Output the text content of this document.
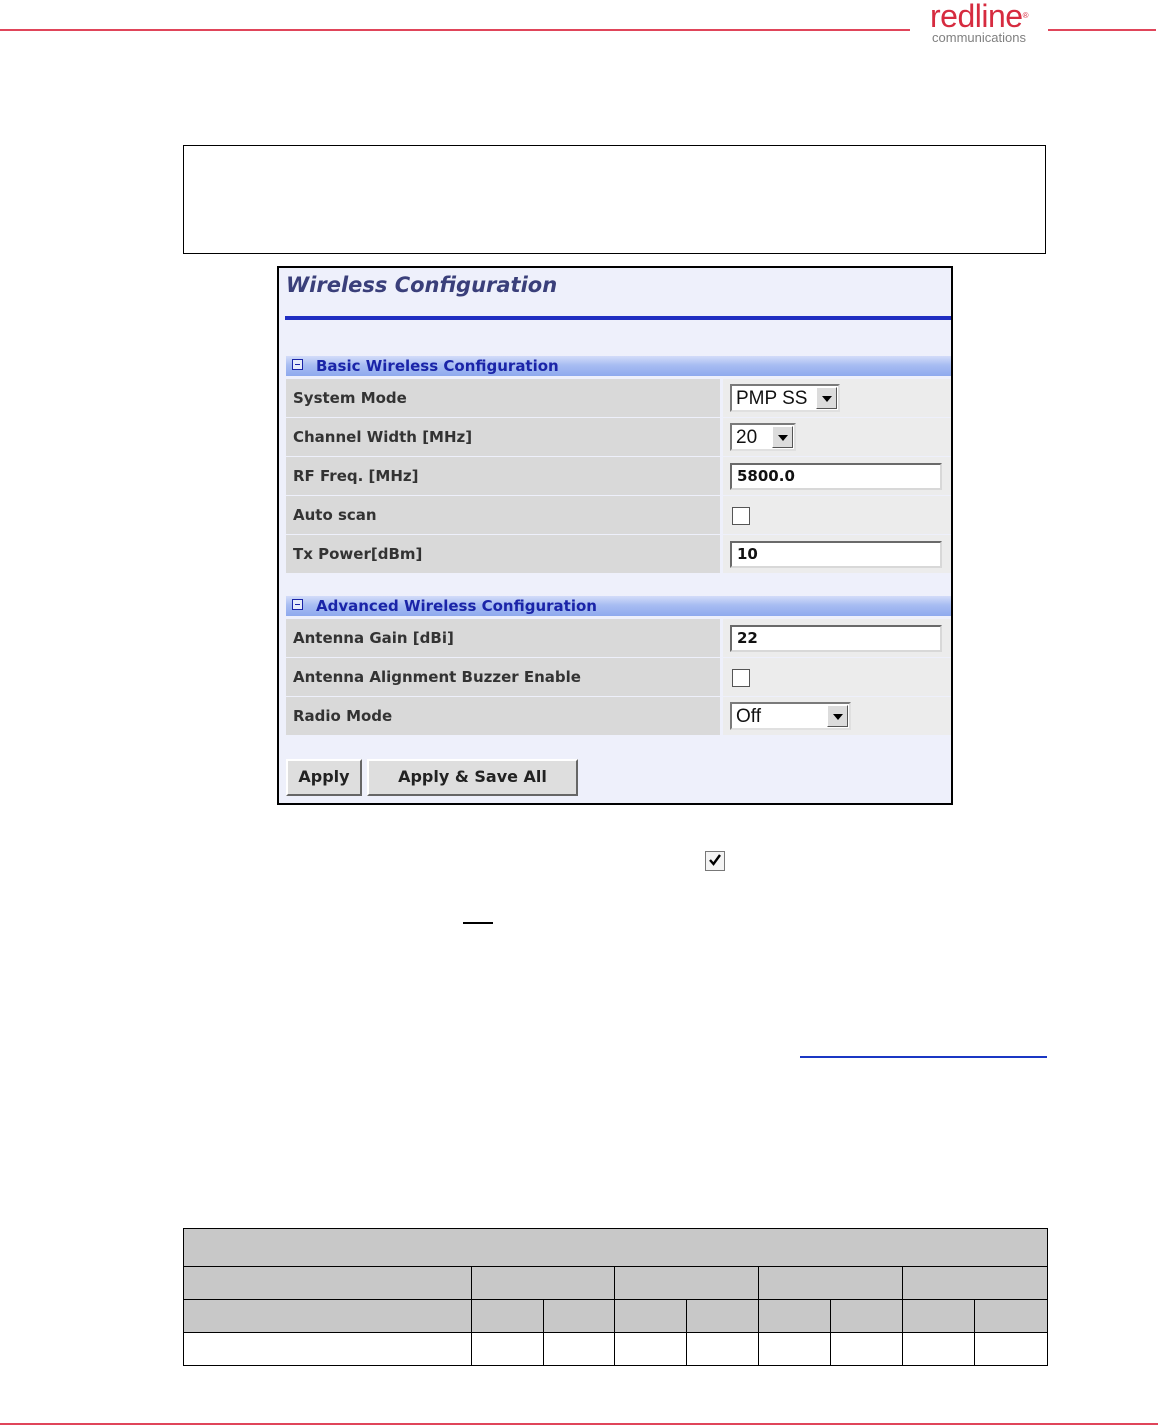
redline®
communications
Wireless Configuration
Basic Wireless Configuration
System Mode	PMP SS
Channel Width [MHz]	20
RF Freq. [MHz]	5800.0
Auto scan
Tx Power[dBm]	10
Advanced Wireless Configuration
Antenna Gain [dBi]	22
Antenna Alignment Buzzer Enable
Radio Mode	Off
Apply	Apply & Save All
